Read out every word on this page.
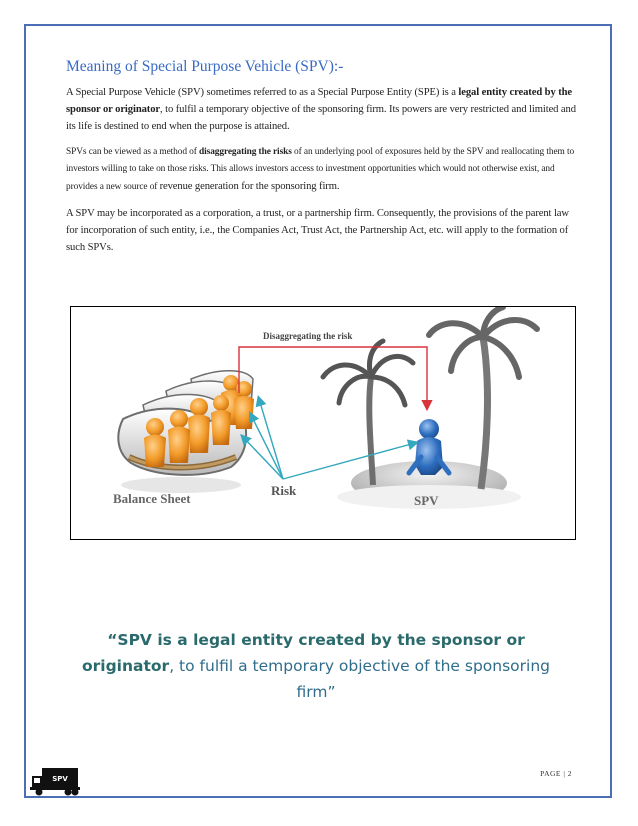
Meaning of Special Purpose Vehicle (SPV):-

A Special Purpose Vehicle (SPV) sometimes referred to as a Special Purpose Entity (SPE) is a legal entity created by the sponsor or originator, to fulfil a temporary objective of the sponsoring firm. Its powers are very restricted and limited and its life is destined to end when the purpose is attained.

SPVs can be viewed as a method of disaggregating the risks of an underlying pool of exposures held by the SPV and reallocating them to investors willing to take on those risks. This allows investors access to investment opportunities which would not otherwise exist, and provides a new source of revenue generation for the sponsoring firm.

A SPV may be incorporated as a corporation, a trust, or a partnership firm. Consequently, the provisions of the parent law for incorporation of such entity, i.e., the Companies Act, Trust Act, the Partnership Act, etc. will apply to the formation of such SPVs.

Disaggregating the risk
Balance Sheet
Risk
SPV
“SPV is a legal entity created by the sponsor or originator, to fulfil a temporary objective of the sponsoring firm”
SPV
PAGE | 2
